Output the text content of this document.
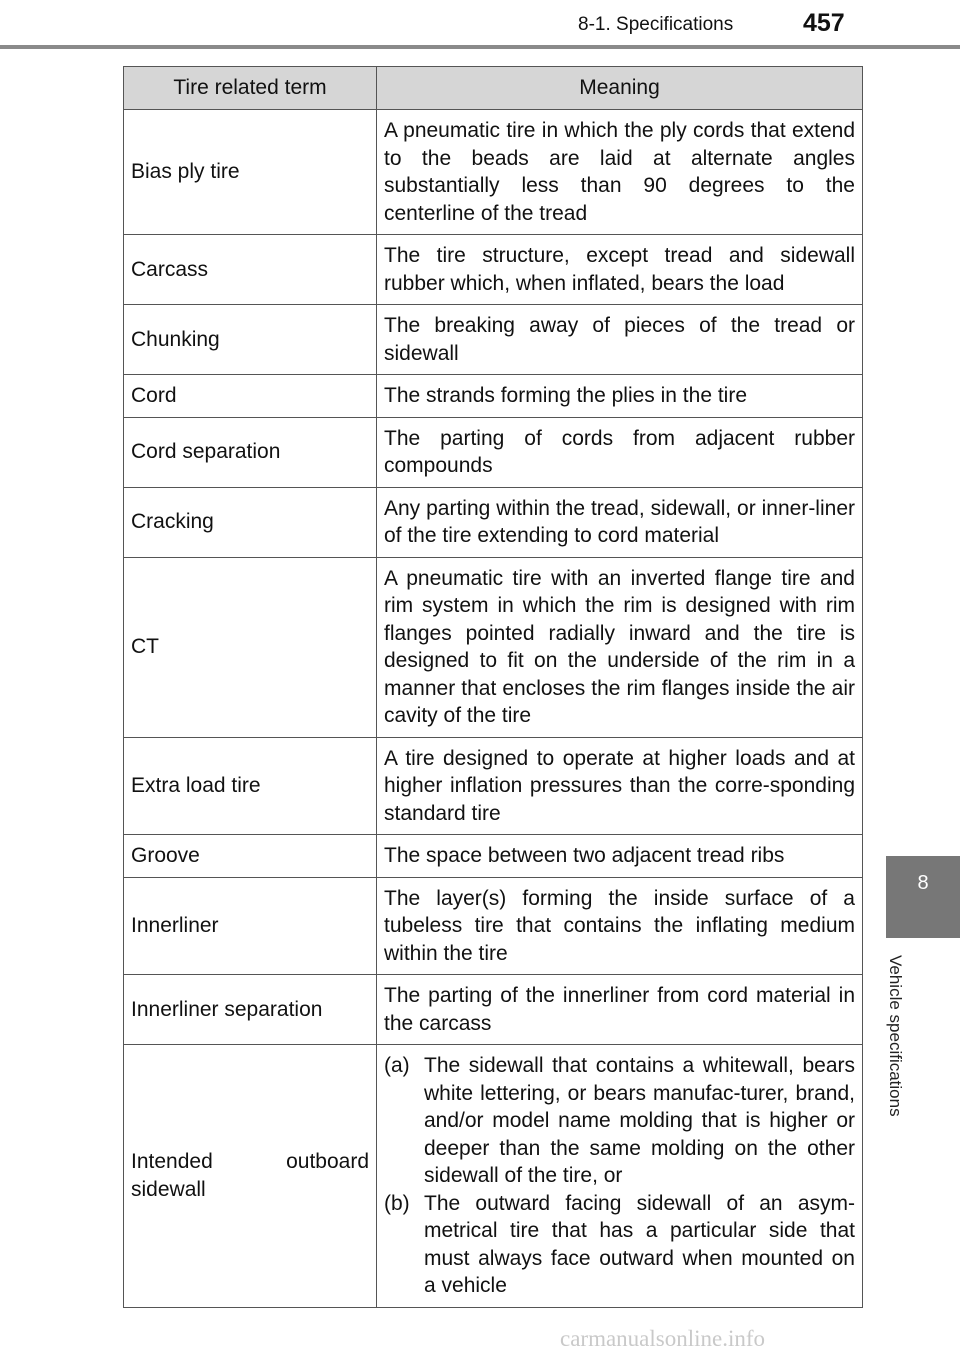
8-1. Specifications	457
8
Vehicle specifications
Tire related term	Meaning
Bias ply tire	A pneumatic tire in which the ply cords that extend to the beads are laid at alternate angles substantially less than 90 degrees to the centerline of the tread
Carcass	The tire structure, except tread and sidewall rubber which, when inflated, bears the load
Chunking	The breaking away of pieces of the tread or sidewall
Cord	The strands forming the plies in the tire
Cord separation	The parting of cords from adjacent rubber compounds
Cracking	Any parting within the tread, sidewall, or inner-liner of the tire extending to cord material
CT	A pneumatic tire with an inverted flange tire and rim system in which the rim is designed with rim flanges pointed radially inward and the tire is designed to fit on the underside of the rim in a manner that encloses the rim flanges inside the air cavity of the tire
Extra load tire	A tire designed to operate at higher loads and at higher inflation pressures than the corre-sponding standard tire
Groove	The space between two adjacent tread ribs
Innerliner	The layer(s) forming the inside surface of a tubeless tire that contains the inflating medium within the tire
Innerliner separation	The parting of the innerliner from cord material in the carcass
Intended outboard sidewall	(a) The sidewall that contains a whitewall, bears white lettering, or bears manufac-turer, brand, and/or model name molding that is higher or deeper than the same molding on the other sidewall of the tire, or
(b) The outward facing sidewall of an asym-metrical tire that has a particular side that must always face outward when mounted on a vehicle
carmanualsonline.info
